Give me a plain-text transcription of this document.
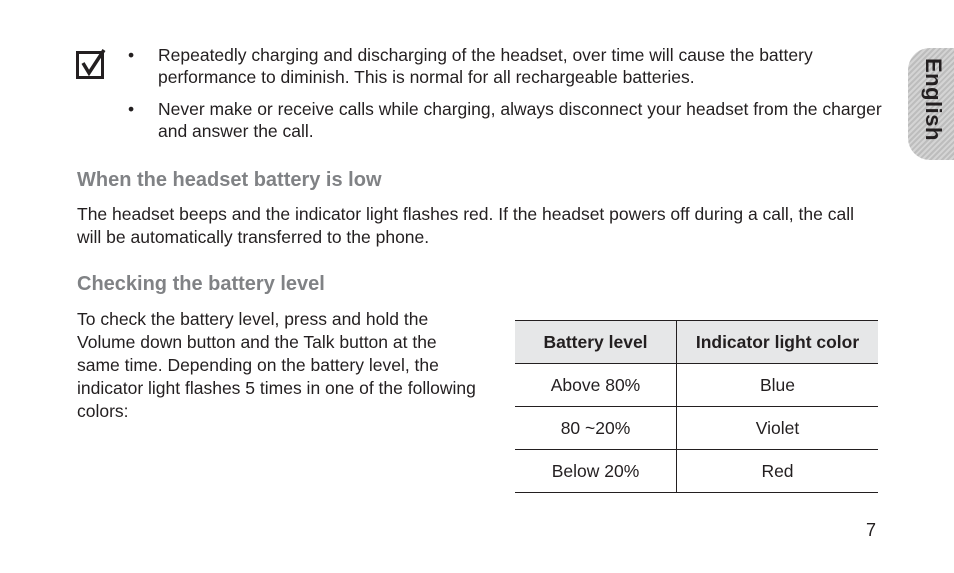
• Repeatedly charging and discharging of the headset, over time will cause the battery performance to diminish. This is normal for all rechargeable batteries.
• Never make or receive calls while charging, always disconnect your headset from the charger and answer the call.	English
When the headset battery is low

The headset beeps and the indicator light flashes red. If the headset powers off during a call, the call will be automatically transferred to the phone.

Checking the battery level

To check the battery level, press and hold the Volume down button and the Talk button at the same time. Depending on the battery level, the indicator light flashes 5 times in one of the following colors:

Battery level	Indicator light color
Above 80%	Blue
80 ~20%	Violet
Below 20%	Red
7
